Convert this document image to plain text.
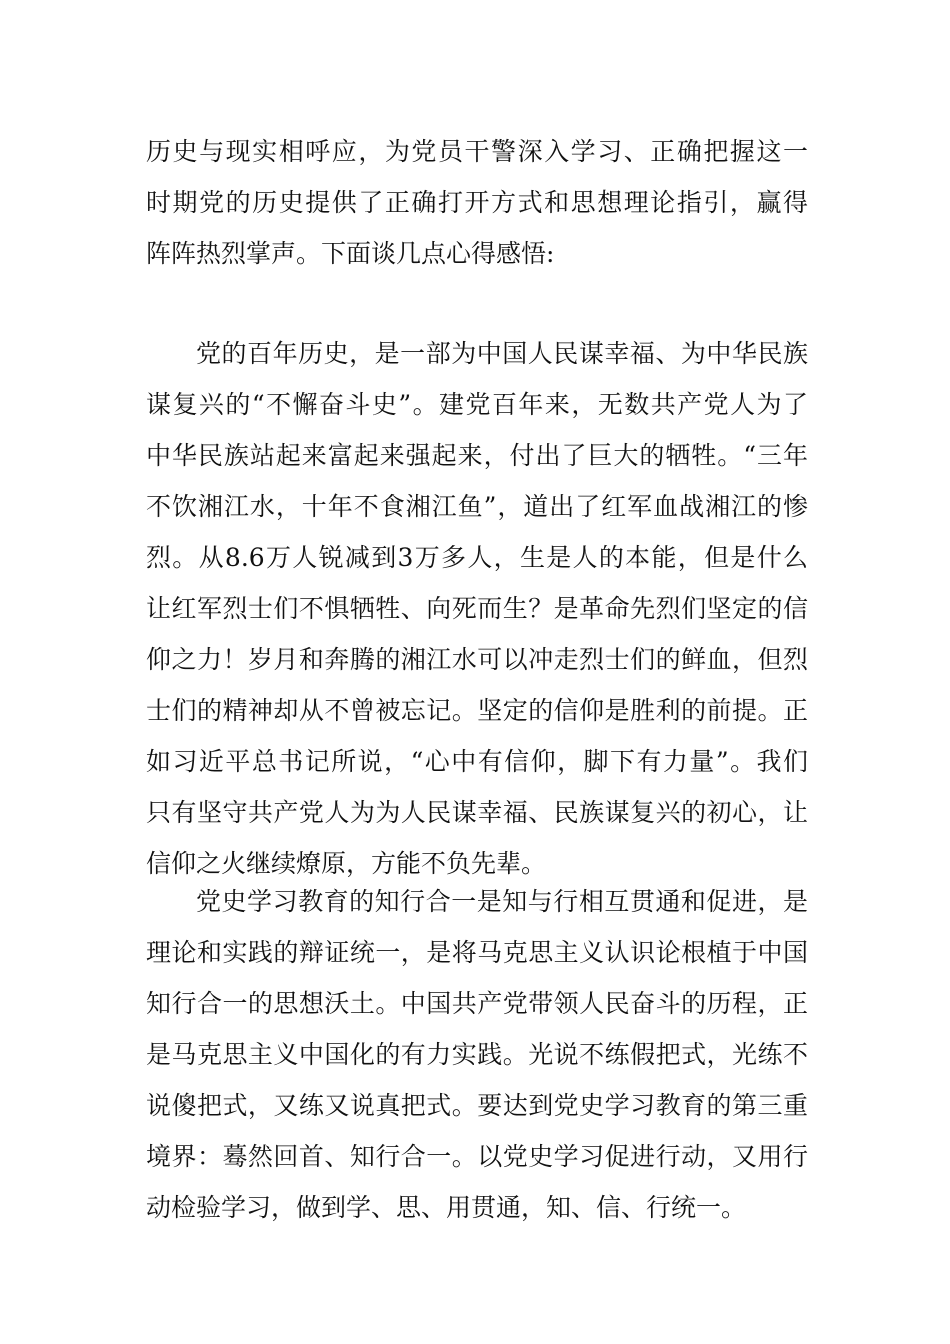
历史与现实相呼应，为党员干警深入学习、正确把握这一
时期党的历史提供了正确打开方式和思想理论指引，赢得
阵阵热烈掌声。下面谈几点心得感悟:
党的百年历史，是一部为中国人民谋幸福、为中华民族
谋复兴的“不懈奋斗史”。建党百年来，无数共产党人为了
中华民族站起来富起来强起来，付出了巨大的牺牲。“三年
不饮湘江水，十年不食湘江鱼”，道出了红军血战湘江的惨
烈。从8.6万人锐减到3万多人，生是人的本能，但是什么
让红军烈士们不惧牺牲、向死而生？是革命先烈们坚定的信
仰之力！岁月和奔腾的湘江水可以冲走烈士们的鲜血，但烈
士们的精神却从不曾被忘记。坚定的信仰是胜利的前提。正
如习近平总书记所说，“心中有信仰，脚下有力量”。我们
只有坚守共产党人为为人民谋幸福、民族谋复兴的初心，让
信仰之火继续燎原，方能不负先辈。
党史学习教育的知行合一是知与行相互贯通和促进，是
理论和实践的辩证统一，是将马克思主义认识论根植于中国
知行合一的思想沃土。中国共产党带领人民奋斗的历程，正
是马克思主义中国化的有力实践。光说不练假把式，光练不
说傻把式，又练又说真把式。要达到党史学习教育的第三重
境界：蓦然回首、知行合一。以党史学习促进行动，又用行
动检验学习，做到学、思、用贯通，知、信、行统一。
